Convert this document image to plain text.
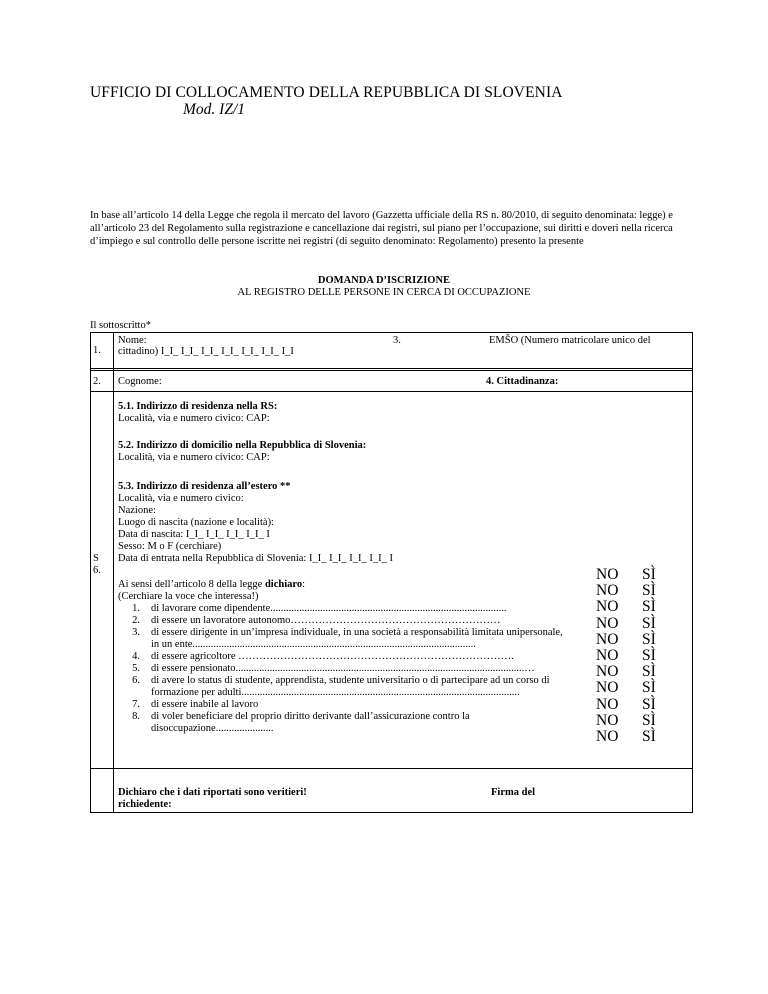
UFFICIO DI COLLOCAMENTO DELLA REPUBBLICA DI SLOVENIA
Mod. IZ/1
In base all’articolo 14 della Legge che regola il mercato del lavoro (Gazzetta ufficiale della RS n. 80/2010, di seguito denominata: legge) e all’articolo 23 del Regolamento sulla registrazione e cancellazione dai registri, sul piano per l’occupazione, sui diritti e doveri nella ricerca d’impiego e sul controllo delle persone iscritte nei registri (di seguito denominato: Regolamento) presento la presente
DOMANDA D’ISCRIZIONE
AL REGISTRO DELLE PERSONE IN CERCA DI OCCUPAZIONE
Il sottoscritto*
1.
Nome:
cittadino) I_I_ I_I_ I_I_ I_I_ I_I_ I_I_ I_I
3.	EMŠO (Numero matricolare unico del
2. Cognome:	4. Cittadinanza:
5.1. Indirizzo di residenza nella RS:
Località, via e numero civico: CAP:
5.2. Indirizzo di domicilio nella Repubblica di Slovenia:
Località, via e numero civico: CAP:
5.3. Indirizzo di residenza all’estero **
Località, via e numero civico:
Nazione:
Luogo di nascita (nazione e località):
Data di nascita: I_I_ I_I_ I_I_ I_I_ I
Sesso: M o F (cerchiare)
Data di entrata nella Repubblica di Slovenia: I_I_ I_I_ I_I_ I_I_ I
S
6.
Ai sensi dell’articolo 8 della legge dichiaro:
(Cerchiare la voce che interessa!)
1. di lavorare come dipendente..........................................................................................
2. di essere un lavoratore autonomo……………………………………………………
3. di essere dirigente in un’impresa individuale, in una società a responsabilità limitata unipersonale, in un ente............................................................................................................
4. di essere agricoltore …………………………………………………………………….
5. di essere pensionato..............................................................................................................…
6. di avere lo status di studente, apprendista, studente universitario o di partecipare ad un corso di formazione per adulti..........................................................................................................
7. di essere inabile al lavoro
8. di voler beneficiare del proprio diritto derivante dall’assicurazione contro la disoccupazione......................
NO
NO
NO
NO
NO
NO
NO
NO
NO
NO
NO
SÌ
SÌ
SÌ
SÌ
SÌ
SÌ
SÌ
SÌ
SÌ
SÌ
SÌ
Dichiaro che i dati riportati sono veritieri!
richiedente:
Firma del
